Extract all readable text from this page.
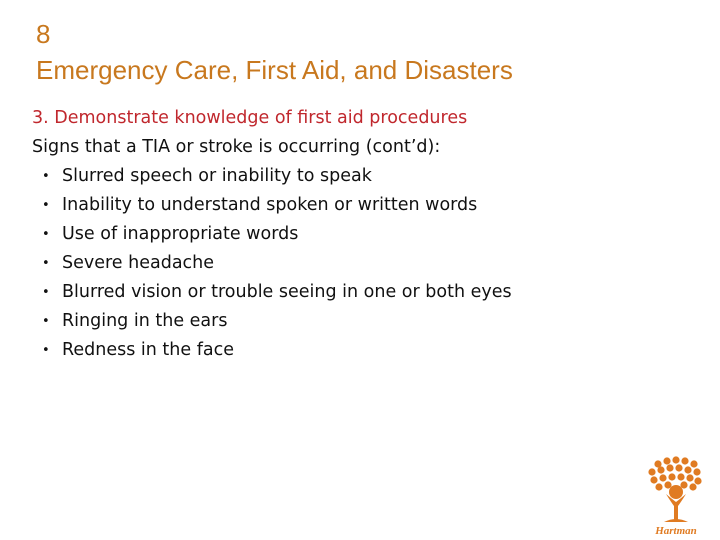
8
Emergency Care, First Aid, and Disasters
3. Demonstrate knowledge of first aid procedures
Signs that a TIA or stroke is occurring (cont’d):
• Slurred speech or inability to speak
• Inability to understand spoken or written words
• Use of inappropriate words
• Severe headache
• Blurred vision or trouble seeing in one or both eyes
• Ringing in the ears
• Redness in the face
Hartman
